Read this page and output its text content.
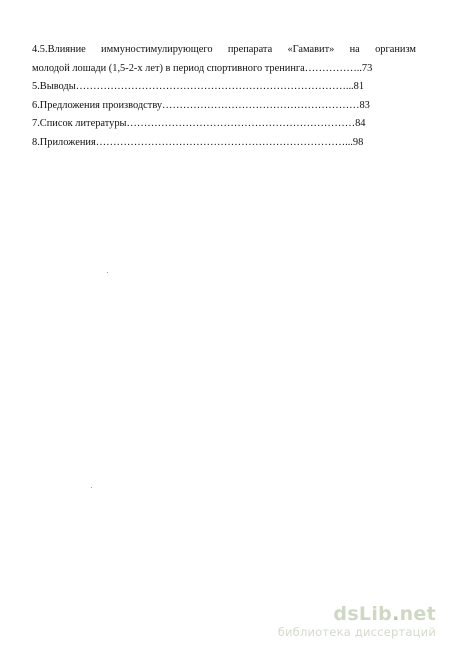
4.5.Влияние иммуностимулирующего препарата «Гамавит» на организм
молодой лошади (1,5-2-х лет) в период спортивного тренинга……………..73
5.Выводы……………………………………………………………………...81
6.Предложения производству…………………………………………………83
7.Список литературы…………………………………………………………84
8.Приложения………………………………………………………………...98
dsLib.net
библиотека диссертаций
